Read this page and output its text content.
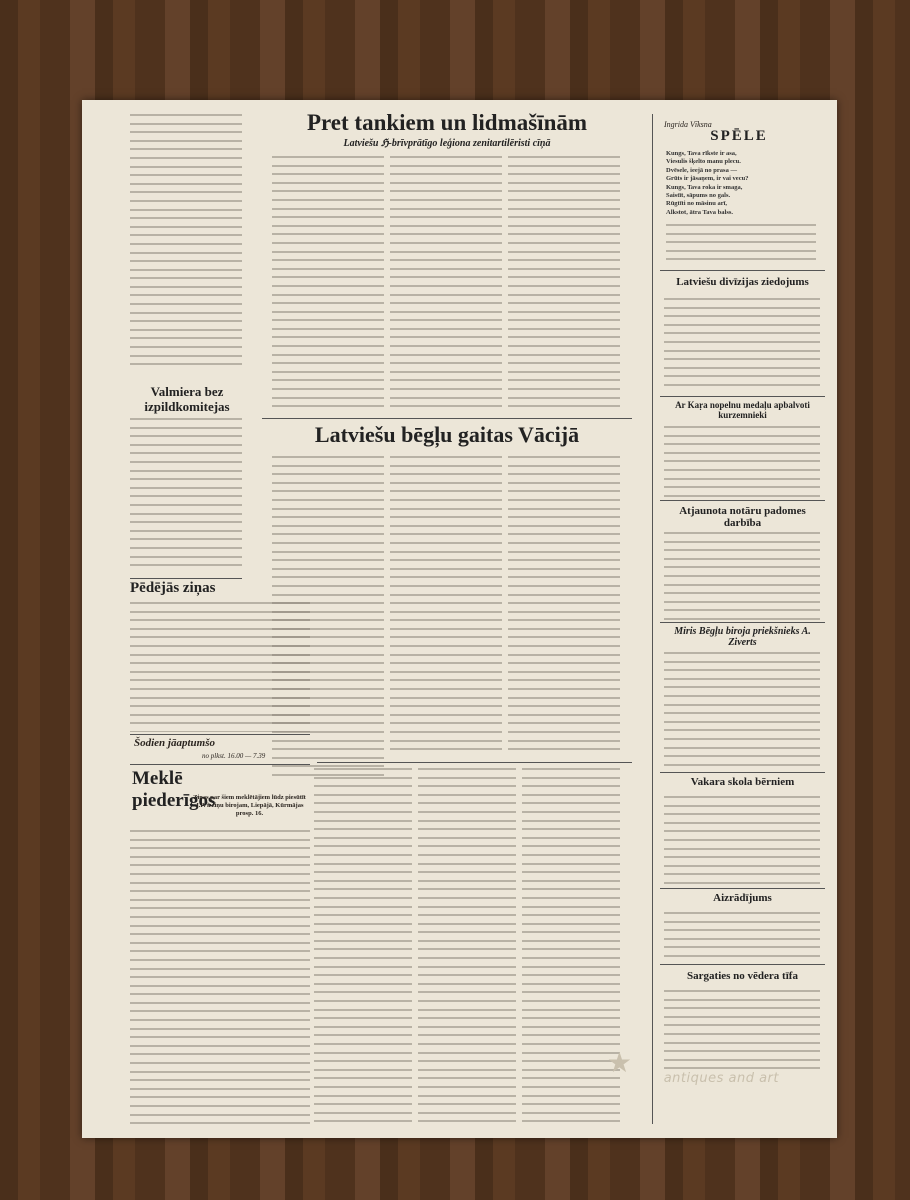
Valmiera bez izpildkomitejas
Pēdējās ziņas
Šodien jāaptumšo
no plkst. 16.00 — 7.39
Meklē piederīgos
Ziņas par šiem meklētājiem lūdz piesūtīt J.P. izziņu birojam, Liepājā, Kūrmājas prosp. 16.
Pret tankiem un lidmašīnām
Latviešu ℌ-brīvprātīgo leģiona zenitartilēristi cīņā
Latviešu bēgļu gaitas Vācijā
Ingrida Vīksna
SPĒLE
Kungs, Tava rīkste ir asa,
Viesulis šķelto manu plecu.
Dvēsele, ieejā no prasa —
Grūts ir jāsaņem, ir vai vecu?
Kungs, Tava roka ir smaga,
Saistīt, sāpums no gals.
Rūgtīti no māsinu arī,
Alkstot, ātra Tava balss.
Latviešu divīzijas ziedojums
Ar Kaṛa nopelnu medaļu apbalvoti kurzemnieki
Atjaunota notāru padomes darbība
Miris Bēgļu biroja priekšnieks A. Ziverts
Vakara skola bērniem
Aizrādījums
Sargaties no vēdera tīfa
★ antiques and art
